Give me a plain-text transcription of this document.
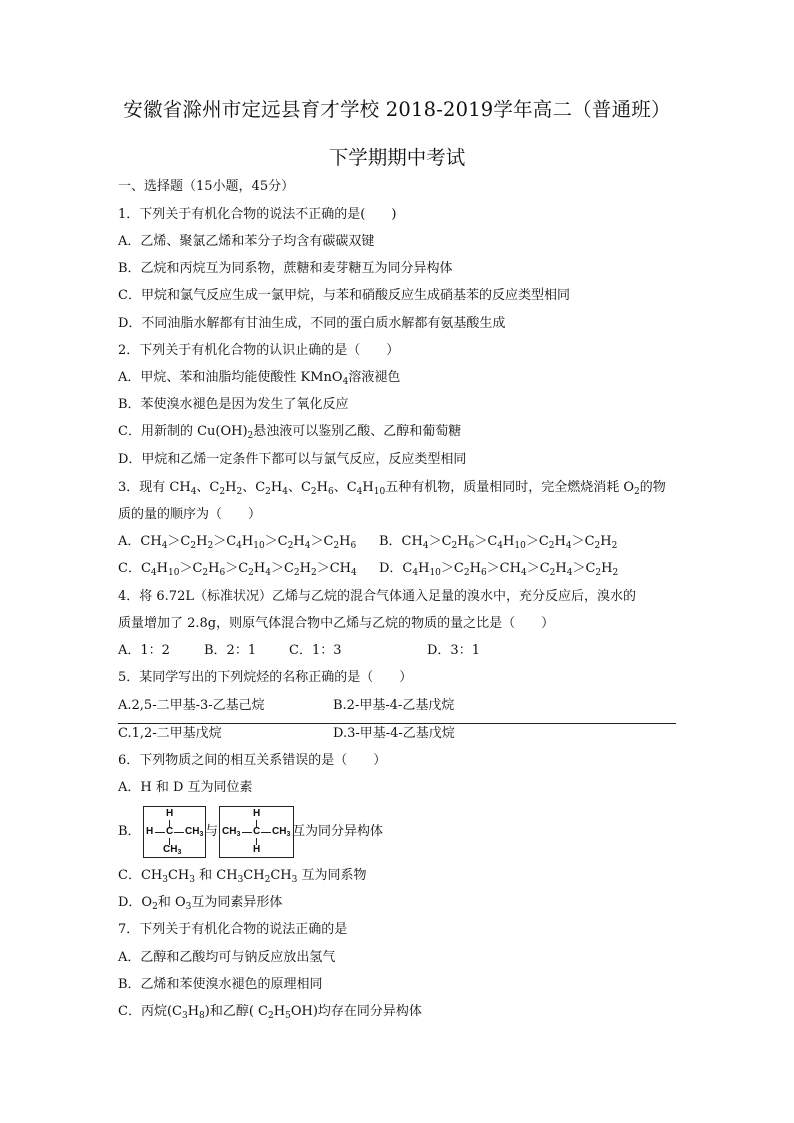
安徽省滁州市定远县育才学校 2018-2019学年高二（普通班）
下学期期中考试
一、选择题（15小题，45分）
1．下列关于有机化合物的说法不正确的是(　　)
A．乙烯、聚氯乙烯和苯分子均含有碳碳双键
B．乙烷和丙烷互为同系物，蔗糖和麦芽糖互为同分异构体
C．甲烷和氯气反应生成一氯甲烷，与苯和硝酸反应生成硝基苯的反应类型相同
D．不同油脂水解都有甘油生成，不同的蛋白质水解都有氨基酸生成
2．下列关于有机化合物的认识止确的是（　　）
A．甲烷、苯和油脂均能使酸性 KMnO$_4$溶液褪色
B．苯使溴水褪色是因为发生了氧化反应
C．用新制的 $Cu(OH)_2$悬浊液可以鉴别乙酸、乙醇和葡萄糖
D．甲烷和乙烯一定条件下都可以与氯气反应，反应类型相同
3．现有 $CH_4$、$C_2H_2$、$C_2H_4$、$C_2H_6$、$C_4H_{10}$五种有机物，质量相同时，完全燃烧消耗 $O_2$的物
质的量的顺序为（　　）
A．$CH_4>C_2H_2>C_4H_{10}>C_2H_4>C_2H_6$ B．$CH_4>C_2H_6>C_4H_{10}>C_2H_4>C_2H_2$
C．$C_4H_{10}>C_2H_6>C_2H_4>C_2H_2>CH_4$ D．$C_4H_{10}>C_2H_6>CH_4>C_2H_4>C_2H_2$
4．将 6.72L（标准状况）乙烯与乙烷的混合气体通入足量的溴水中，充分反应后，溴水的
质量增加了 2.8g，则原气体混合物中乙烯与乙烷的物质的量之比是（　　）
A．1：2	B．2：1	C．1：3	D．3：1
5．某同学写出的下列烷烃的名称正确的是（　　）
A.2,5-二甲基-3-乙基己烷	B.2-甲基-4-乙基戊烷
C.1,2-二甲基戊烷	D.3-甲基-4-乙基戊烷
6．下列物质之间的相互关系错误的是（　　）
A．H 和 D 互为同位素
B．
H
H C $CH_3$
$CH_3$
与
H
$CH_3$ C $CH_3$
H
互为同分异构体
C．$CH_3CH_3$ 和 $CH_3CH_2CH_3$ 互为同系物
D．$O_2$和 $O_3$互为同素异形体
7．下列关于有机化合物的说法正确的是
A．乙醇和乙酸均可与钠反应放出氢气
B．乙烯和苯使溴水褪色的原理相同
C．丙烷$(C_3H_8)$和乙醇( $C_2H_5OH$)均存在同分异构体
